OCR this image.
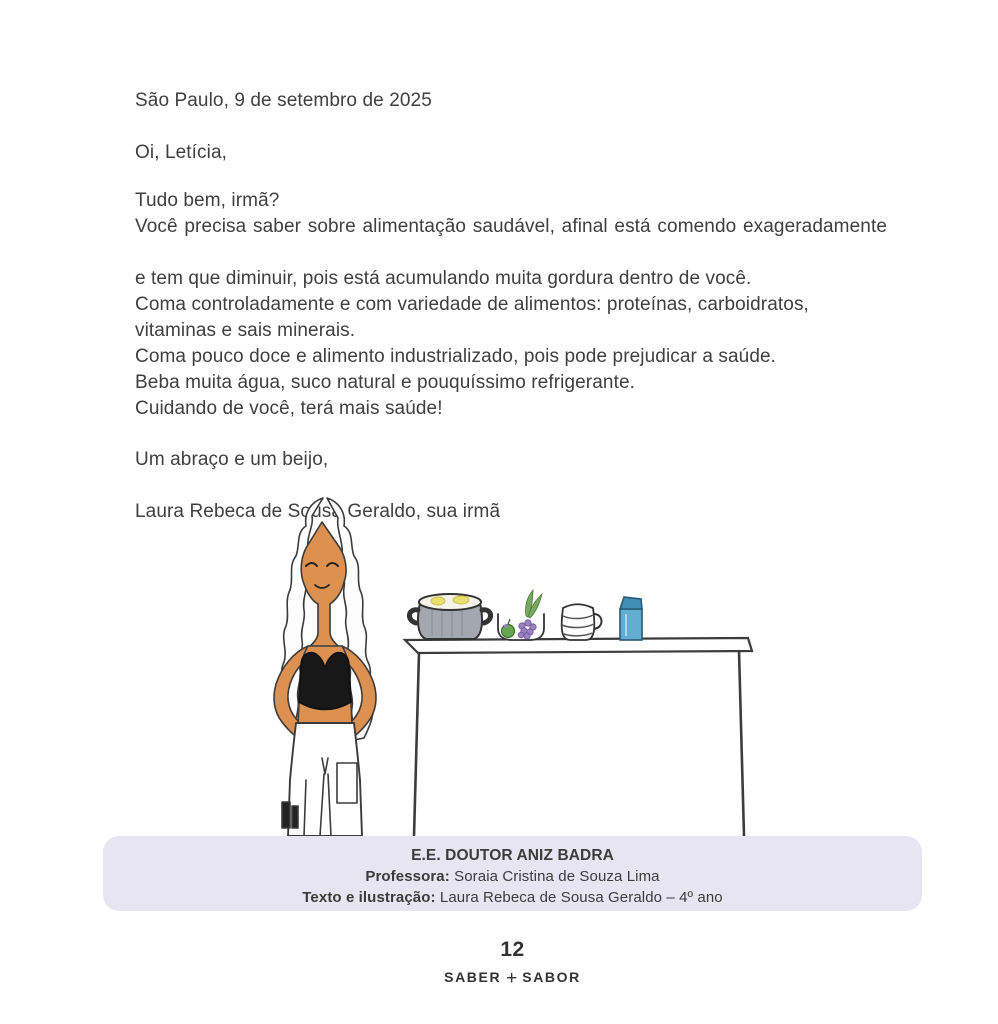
São Paulo, 9 de setembro de 2025

Oi, Letícia,

Tudo bem, irmã?
Você precisa saber sobre alimentação saudável, afinal está comendo exageradamente
e tem que diminuir, pois está acumulando muita gordura dentro de você.
Coma controladamente e com variedade de alimentos: proteínas, carboidratos,
vitaminas e sais minerais.
Coma pouco doce e alimento industrializado, pois pode prejudicar a saúde.
Beba muita água, suco natural e pouquíssimo refrigerante.
Cuidando de você, terá mais saúde!

Um abraço e um beijo,

Laura Rebeca de Sousa Geraldo, sua irmã

E.E. DOUTOR ANIZ BADRA
Professora: Soraia Cristina de Souza Lima
Texto e ilustração: Laura Rebeca de Sousa Geraldo – 4º ano
12
SABER + SABOR
